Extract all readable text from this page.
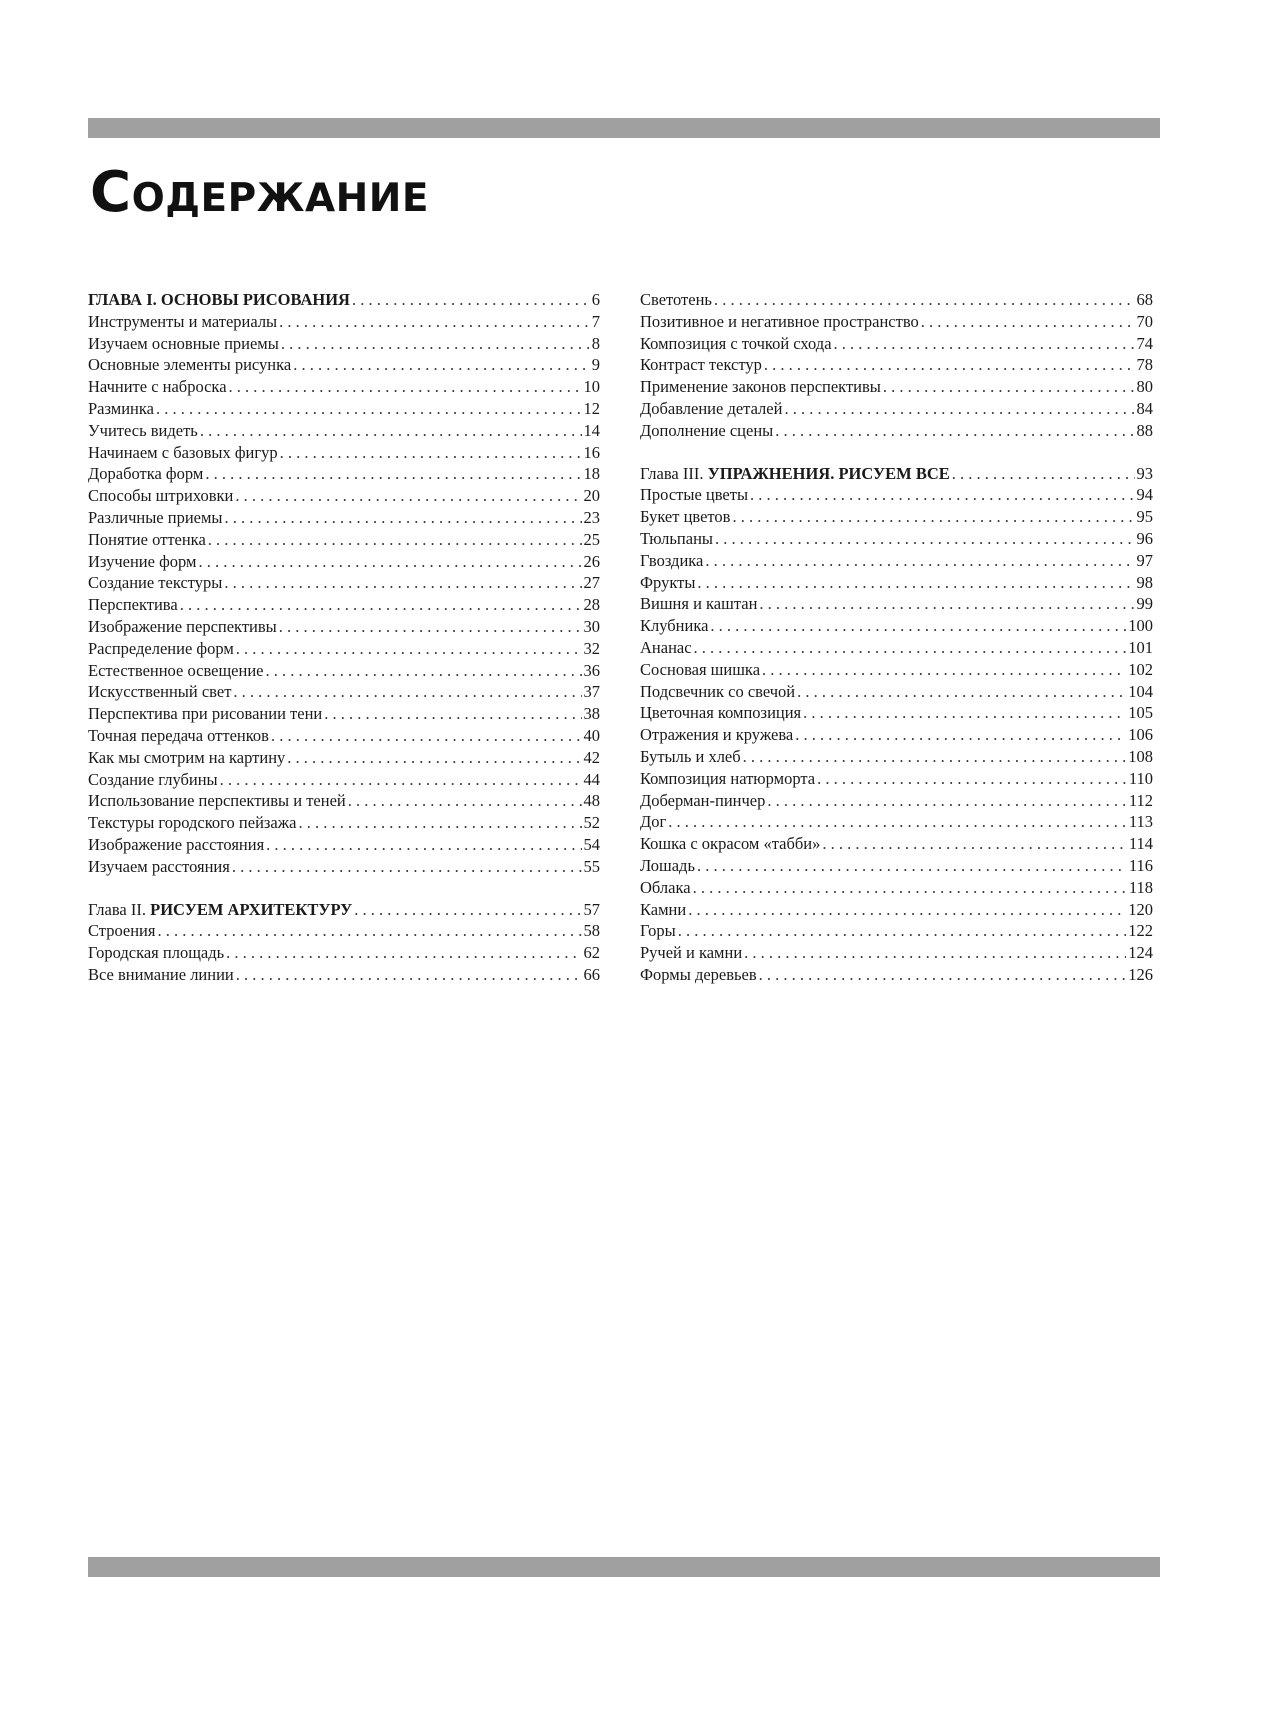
Содержание
ГЛАВА I. ОСНОВЫ РИСОВАНИЯ . . .	6
Инструменты и материалы . . .	7
Изучаем основные приемы . . .	8
Основные элементы рисунка . . .	9
Начните с наброска . . .	10
Разминка . . .	12
Учитесь видеть . . .	14
Начинаем с базовых фигур . . .	16
Доработка форм . . .	18
Способы штриховки . . .	20
Различные приемы . . .	23
Понятие оттенка . . .	25
Изучение форм . . .	26
Создание текстуры . . .	27
Перспектива . . .	28
Изображение перспективы . . .	30
Распределение форм . . .	32
Естественное освещение . . .	36
Искусственный свет . . .	37
Перспектива при рисовании тени . . .	38
Точная передача оттенков . . .	40
Как мы смотрим на картину . . .	42
Создание глубины . . .	44
Использование перспективы и теней . . .	48
Текстуры городского пейзажа . . .	52
Изображение расстояния . . .	54
Изучаем расстояния . . .	55
Глава II. РИСУЕМ АРХИТЕКТУРУ . . .	57
Строения . . .	58
Городская площадь . . .	62
Все внимание линии . . .	66
Светотень . . .	68
Позитивное и негативное пространство . . .	70
Композиция с точкой схода . . .	74
Контраст текстур . . .	78
Применение законов перспективы . . .	80
Добавление деталей . . .	84
Дополнение сцены . . .	88
Глава III. УПРАЖНЕНИЯ. РИСУЕМ ВСЕ . . .	93
Простые цветы . . .	94
Букет цветов . . .	95
Тюльпаны . . .	96
Гвоздика . . .	97
Фрукты . . .	98
Вишня и каштан . . .	99
Клубника . . .	100
Ананас . . .	101
Сосновая шишка . . .	102
Подсвечник со свечой . . .	104
Цветочная композиция . . .	105
Отражения и кружева . . .	106
Бутыль и хлеб . . .	108
Композиция натюрморта . . .	110
Доберман-пинчер . . .	112
Дог . . .	113
Кошка с окрасом «табби» . . .	114
Лошадь . . .	116
Облака . . .	118
Камни . . .	120
Горы . . .	122
Ручей и камни . . .	124
Формы деревьев . . .	126
